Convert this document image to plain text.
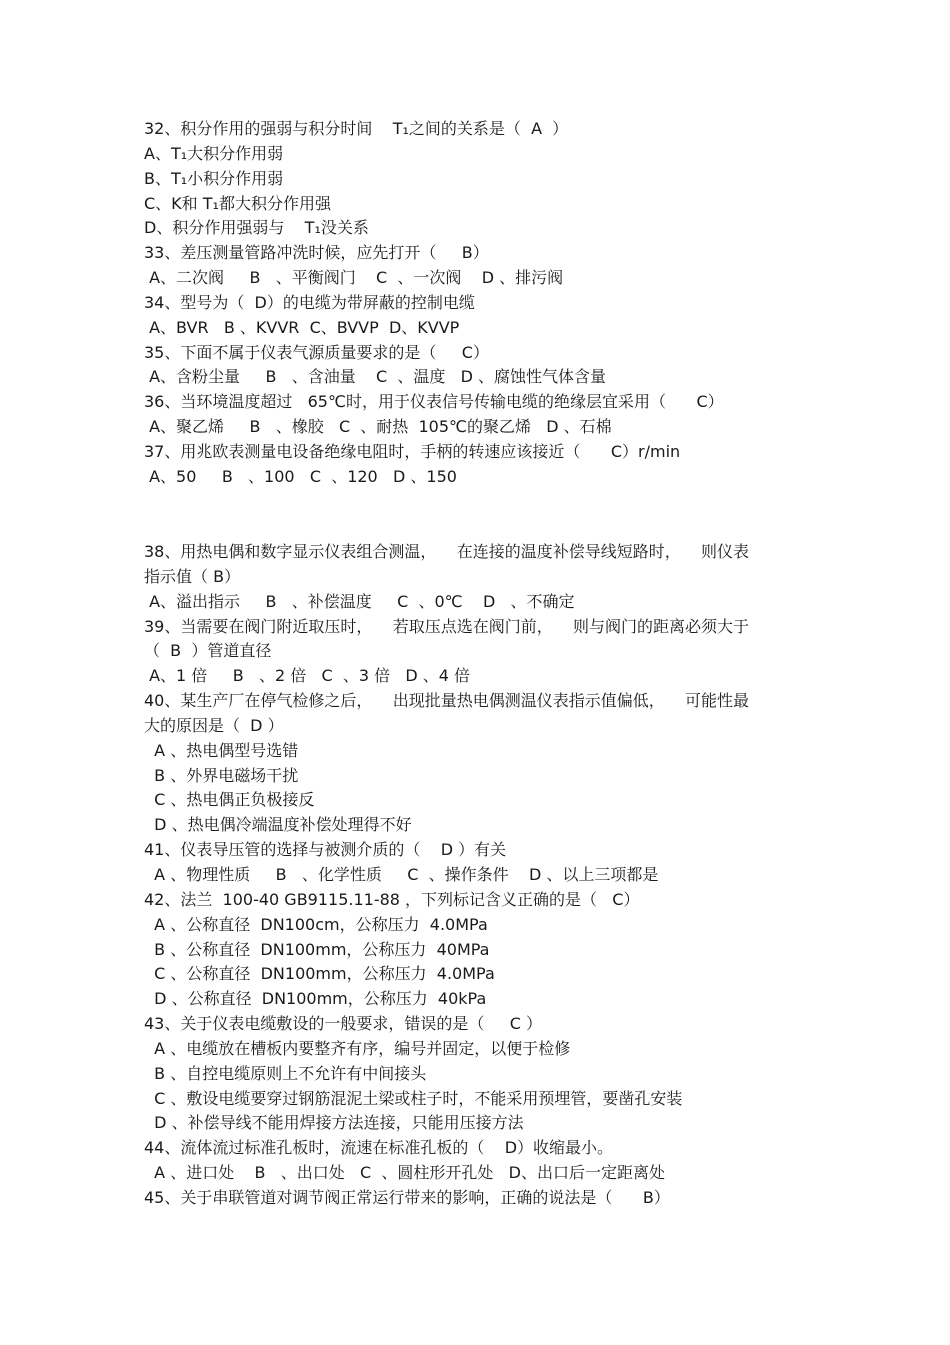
32、积分作用的强弱与积分时间    T₁之间的关系是（  A  ）
A、T₁大积分作用弱
B、T₁小积分作用弱
C、K和 T₁都大积分作用强
D、积分作用强弱与    T₁没关系
33、差压测量管路冲洗时候，应先打开（     B）
A、二次阀     B   、平衡阀门    C  、一次阀    D 、排污阀
34、型号为（  D）的电缆为带屏蔽的控制电缆
A、BVR   B 、KVVR  C、BVVP  D、KVVP
35、下面不属于仪表气源质量要求的是（     C）
A、含粉尘量     B   、含油量    C  、温度   D 、腐蚀性气体含量
36、当环境温度超过   65℃时，用于仪表信号传输电缆的绝缘层宜采用（      C）
A、聚乙烯     B   、橡胶   C  、耐热  105℃的聚乙烯   D 、石棉
37、用兆欧表测量电设备绝缘电阻时，手柄的转速应该接近（      C）r/min
A、50     B   、100   C  、120   D 、150
38、用热电偶和数字显示仪表组合测温，    在连接的温度补偿导线短路时，    则仪表
指示值（ B）
A、溢出指示     B   、补偿温度     C  、0℃    D   、不确定
39、当需要在阀门附近取压时，    若取压点选在阀门前，    则与阀门的距离必须大于
（  B  ）管道直径
A、1 倍     B   、2 倍   C  、3 倍   D 、4 倍
40、某生产厂在停气检修之后，    出现批量热电偶测温仪表指示值偏低，    可能性最
大的原因是（  D ）
A 、热电偶型号选错
B 、外界电磁场干扰
C 、热电偶正负极接反
D 、热电偶冷端温度补偿处理得不好
41、仪表导压管的选择与被测介质的（    D ）有关
A 、物理性质     B   、化学性质     C  、操作条件    D 、以上三项都是
42、法兰  100-40 GB9115.11-88 ，下列标记含义正确的是（   C）
A 、公称直径  DN100cm，公称压力  4.0MPa
B 、公称直径  DN100mm，公称压力  40MPa
C 、公称直径  DN100mm，公称压力  4.0MPa
D 、公称直径  DN100mm，公称压力  40kPa
43、关于仪表电缆敷设的一般要求，错误的是（     C ）
A 、电缆放在槽板内要整齐有序，编号并固定，以便于检修
B 、自控电缆原则上不允许有中间接头
C 、敷设电缆要穿过钢筋混泥土梁或柱子时，不能采用预埋管，要凿孔安装
D 、补偿导线不能用焊接方法连接，只能用压接方法
44、流体流过标准孔板时，流速在标准孔板的（    D）收缩最小。
A 、进口处    B   、出口处   C  、圆柱形开孔处   D、出口后一定距离处
45、关于串联管道对调节阀正常运行带来的影响，正确的说法是（      B）
